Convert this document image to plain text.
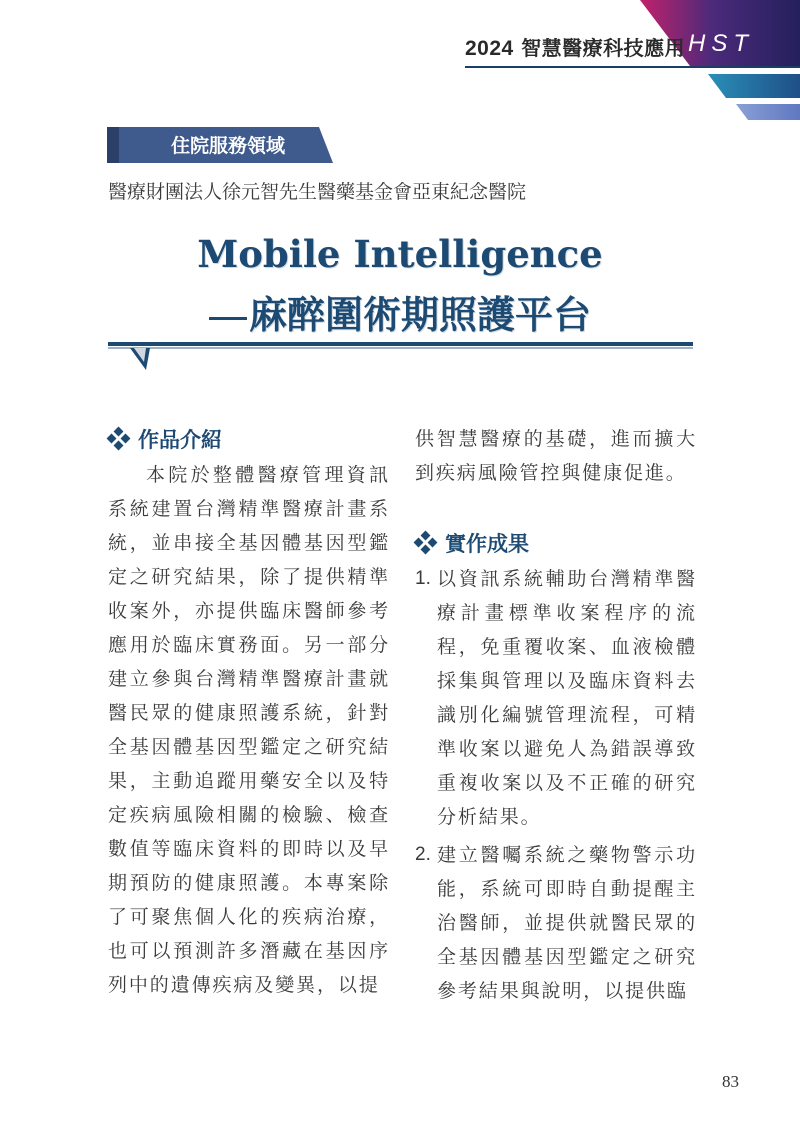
HST
2024 智慧醫療科技應用
住院服務領域
醫療財團法人徐元智先生醫藥基金會亞東紀念醫院
Mobile Intelligence
麻醉圍術期照護平台
作品介紹

本院於整體醫療管理資訊系統建置台灣精準醫療計畫系統，並串接全基因體基因型鑑定之研究結果，除了提供精準收案外，亦提供臨床醫師參考應用於臨床實務面。另一部分建立參與台灣精準醫療計畫就醫民眾的健康照護系統，針對全基因體基因型鑑定之研究結果，主動追蹤用藥安全以及特定疾病風險相關的檢驗、檢查數值等臨床資料的即時以及早期預防的健康照護。本專案除了可聚焦個人化的疾病治療，也可以預測許多潛藏在基因序列中的遺傳疾病及變異，以提

供智慧醫療的基礎，進而擴大到疾病風險管控與健康促進。

實作成果
1. 以資訊系統輔助台灣精準醫療計畫標準收案程序的流程，免重覆收案、血液檢體採集與管理以及臨床資料去識別化編號管理流程，可精準收案以避免人為錯誤導致重複收案以及不正確的研究分析結果。
2. 建立醫囑系統之藥物警示功能，系統可即時自動提醒主治醫師，並提供就醫民眾的全基因體基因型鑑定之研究參考結果與說明，以提供臨
83
